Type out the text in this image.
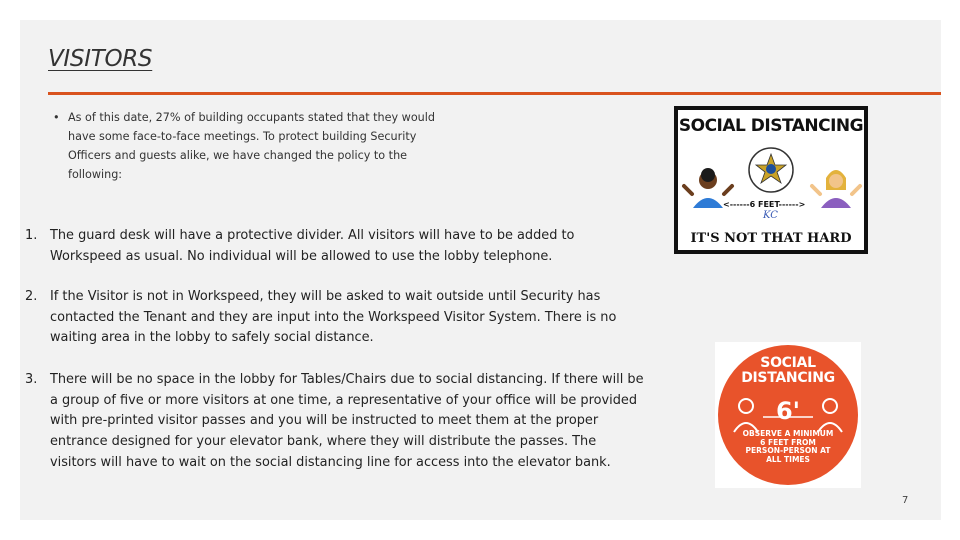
VISITORS
• As of this date, 27% of building occupants stated that they would have some face-to-face meetings. To protect building Security Officers and guests alike, we have changed the policy to the following:
1. The guard desk will have a protective divider. All visitors will have to be added to Workspeed as usual. No individual will be allowed to use the lobby telephone.
2. If the Visitor is not in Workspeed, they will be asked to wait outside until Security has contacted the Tenant and they are input into the Workspeed Visitor System. There is no waiting area in the lobby to safely social distance.
3. There will be no space in the lobby for Tables/Chairs due to social distancing. If there will be a group of five or more visitors at one time, a representative of your office will be provided with pre-printed visitor passes and you will be instructed to meet them at the proper entrance designed for your elevator bank, where they will distribute the passes. The visitors will have to wait on the social distancing line for access into the elevator bank.
SOCIAL DISTANCING
KC
<------6 FEET------>
IT'S NOT THAT HARD
SOCIAL
DISTANCING
6'
OBSERVE A MINIMUM 6 FEET FROM PERSON-PERSON AT ALL TIMES
7
